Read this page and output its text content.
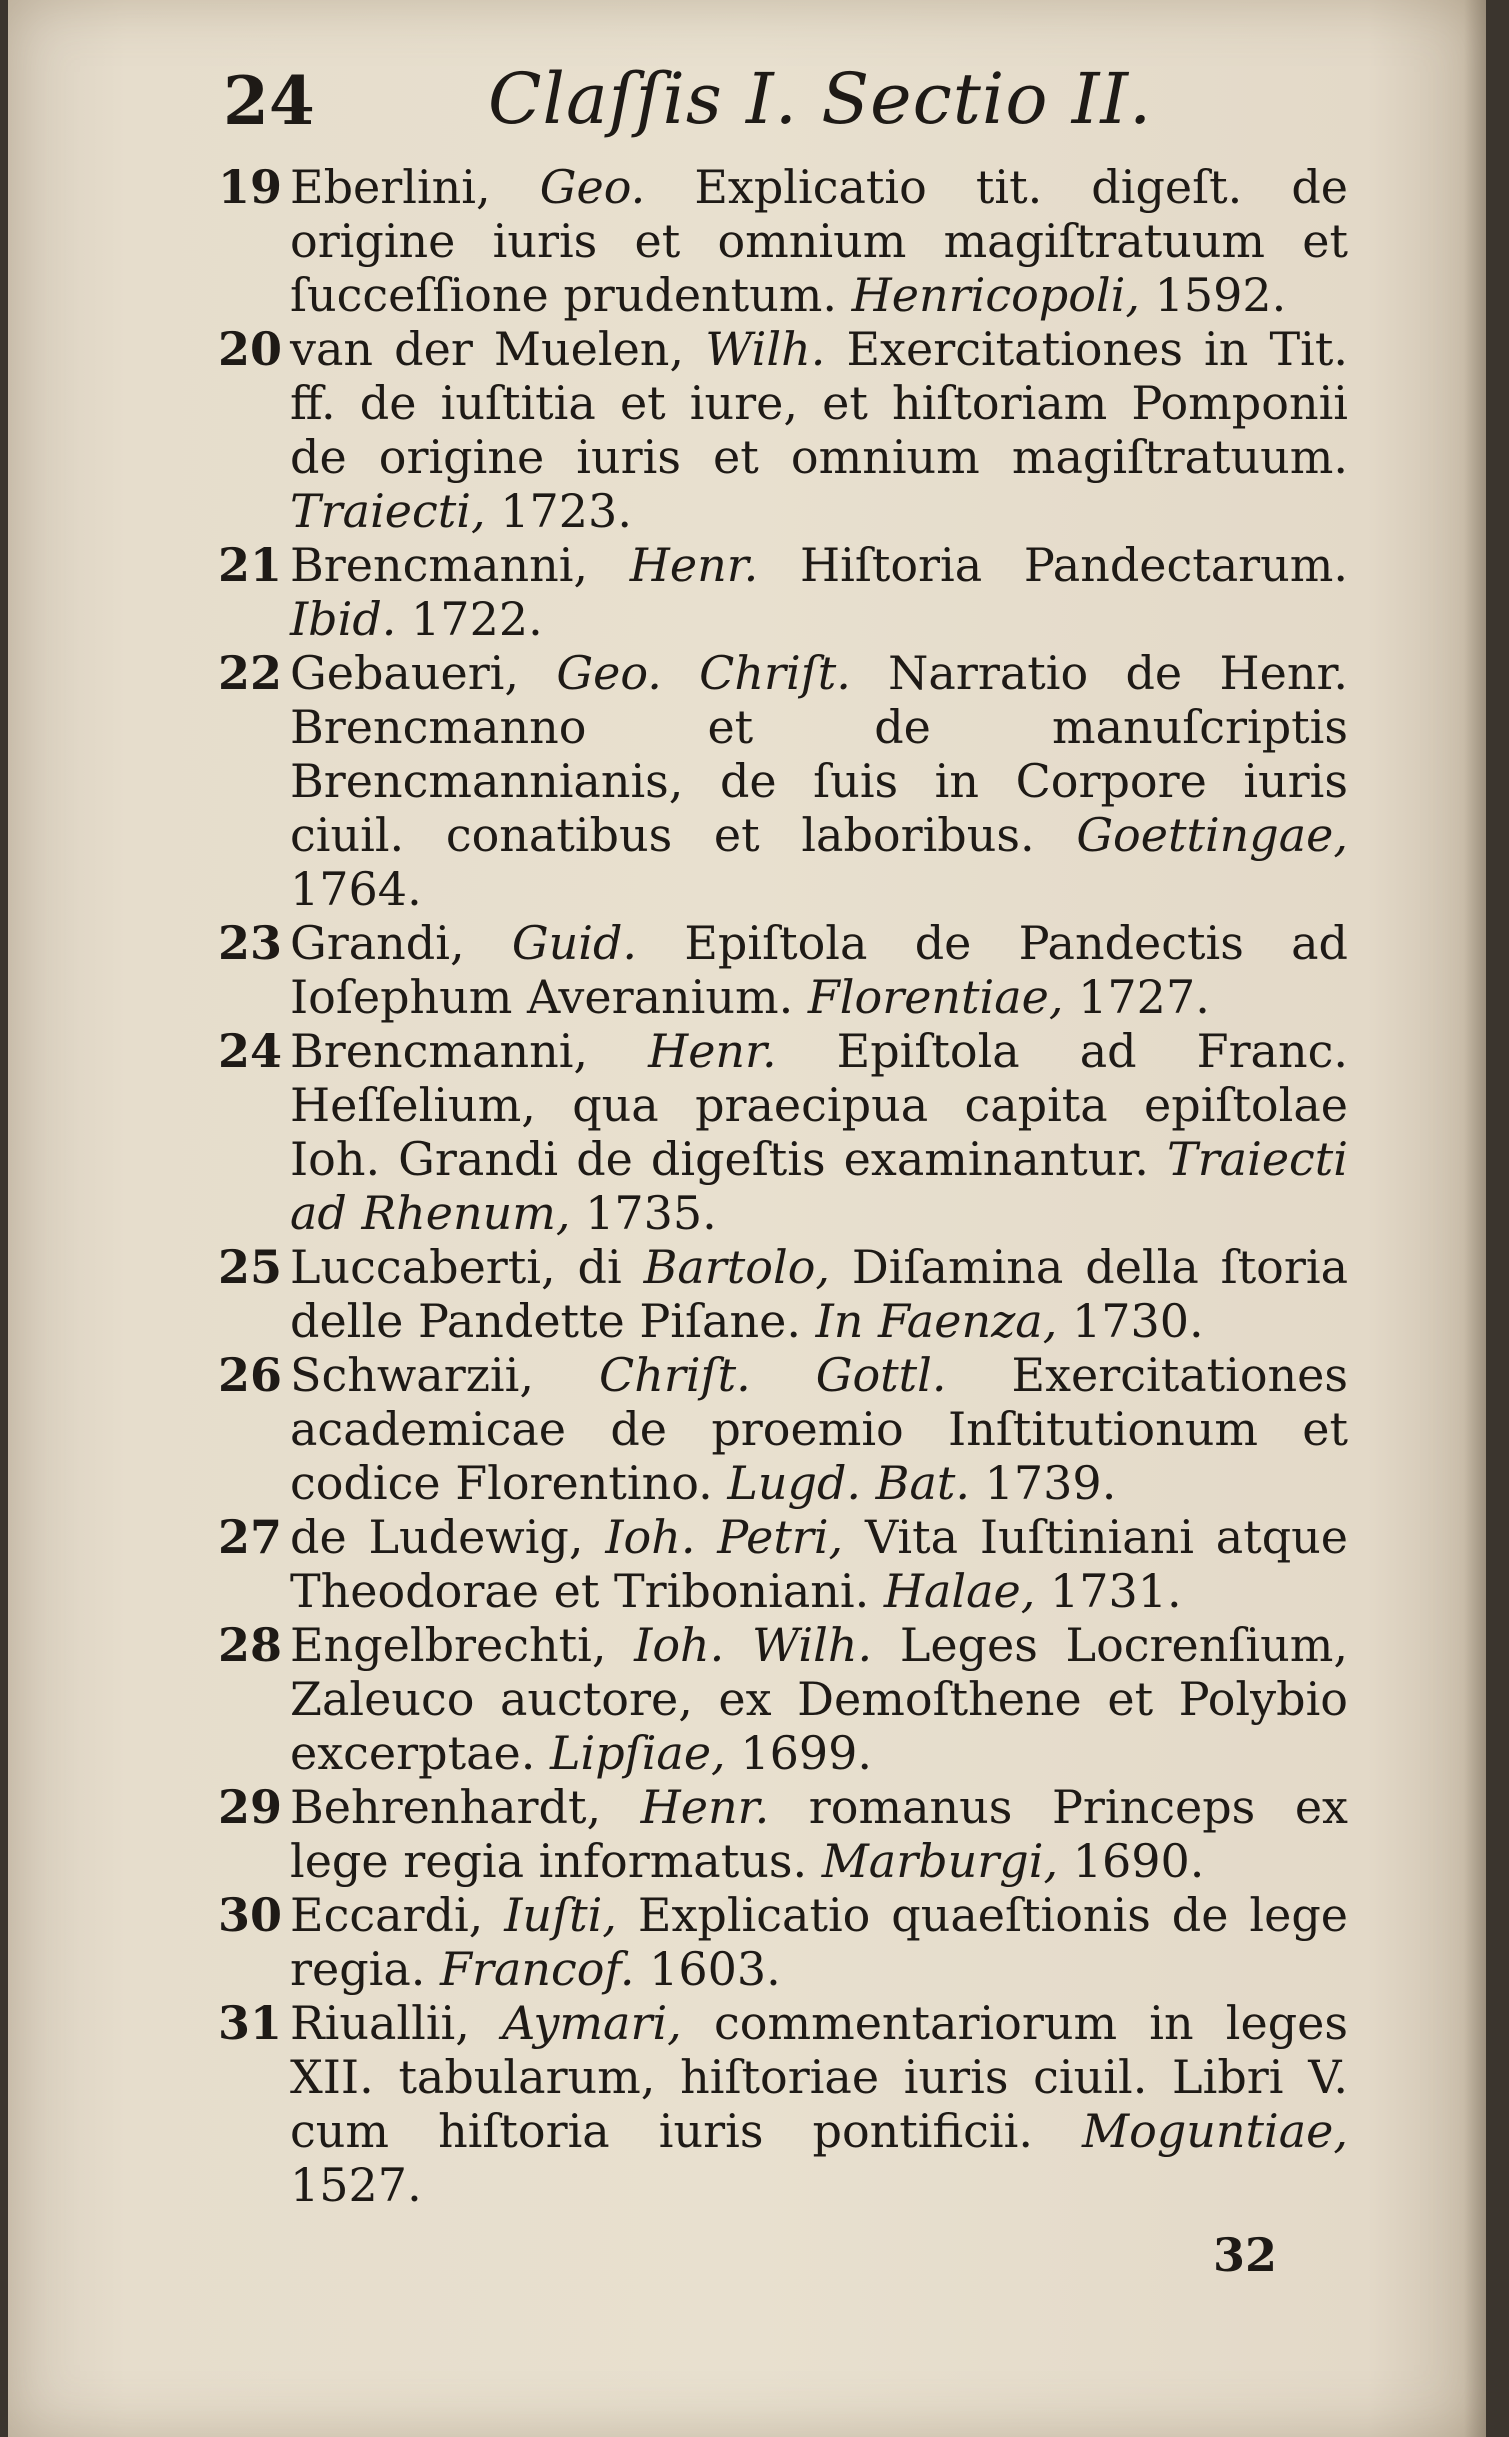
24 Claſſis I. Sectio II.
19 Eberlini, Geo. Explicatio tit. digeſt. de origine iuris et omnium magiſtratuum et ſucceſſione prudentum. Henricopoli, 1592.
20 van der Muelen, Wilh. Exercitationes in Tit. ff. de iuſtitia et iure, et hiſtoriam Pomponii de origine iuris et omnium magiſtratuum. Traiecti, 1723.
21 Brencmanni, Henr. Hiſtoria Pandectarum. Ibid. 1722.
22 Gebaueri, Geo. Chriſt. Narratio de Henr. Brencmanno et de manuſcriptis Brencmannianis, de ſuis in Corpore iuris ciuil. conatibus et laboribus. Goettingae, 1764.
23 Grandi, Guid. Epiſtola de Pandectis ad Ioſephum Averanium. Florentiae, 1727.
24 Brencmanni, Henr. Epiſtola ad Franc. Heſſelium, qua praecipua capita epiſtolae Ioh. Grandi de digeſtis examinantur. Traiecti ad Rhenum, 1735.
25 Luccaberti, di Bartolo, Diſamina della ſtoria delle Pandette Piſane. In Faenza, 1730.
26 Schwarzii, Chriſt. Gottl. Exercitationes academicae de proemio Inſtitutionum et codice Florentino. Lugd. Bat. 1739.
27 de Ludewig, Ioh. Petri, Vita Iuſtiniani atque Theodorae et Triboniani. Halae, 1731.
28 Engelbrechti, Ioh. Wilh. Leges Locrenſium, Zaleuco auctore, ex Demoſthene et Polybio excerptae. Lipſiae, 1699.
29 Behrenhardt, Henr. romanus Princeps ex lege regia informatus. Marburgi, 1690.
30 Eccardi, Iuſti, Explicatio quaeſtionis de lege regia. Francof. 1603.
31 Riuallii, Aymari, commentariorum in leges XII. tabularum, hiſtoriae iuris ciuil. Libri V. cum hiſtoria iuris pontificii. Moguntiae, 1527.
32
